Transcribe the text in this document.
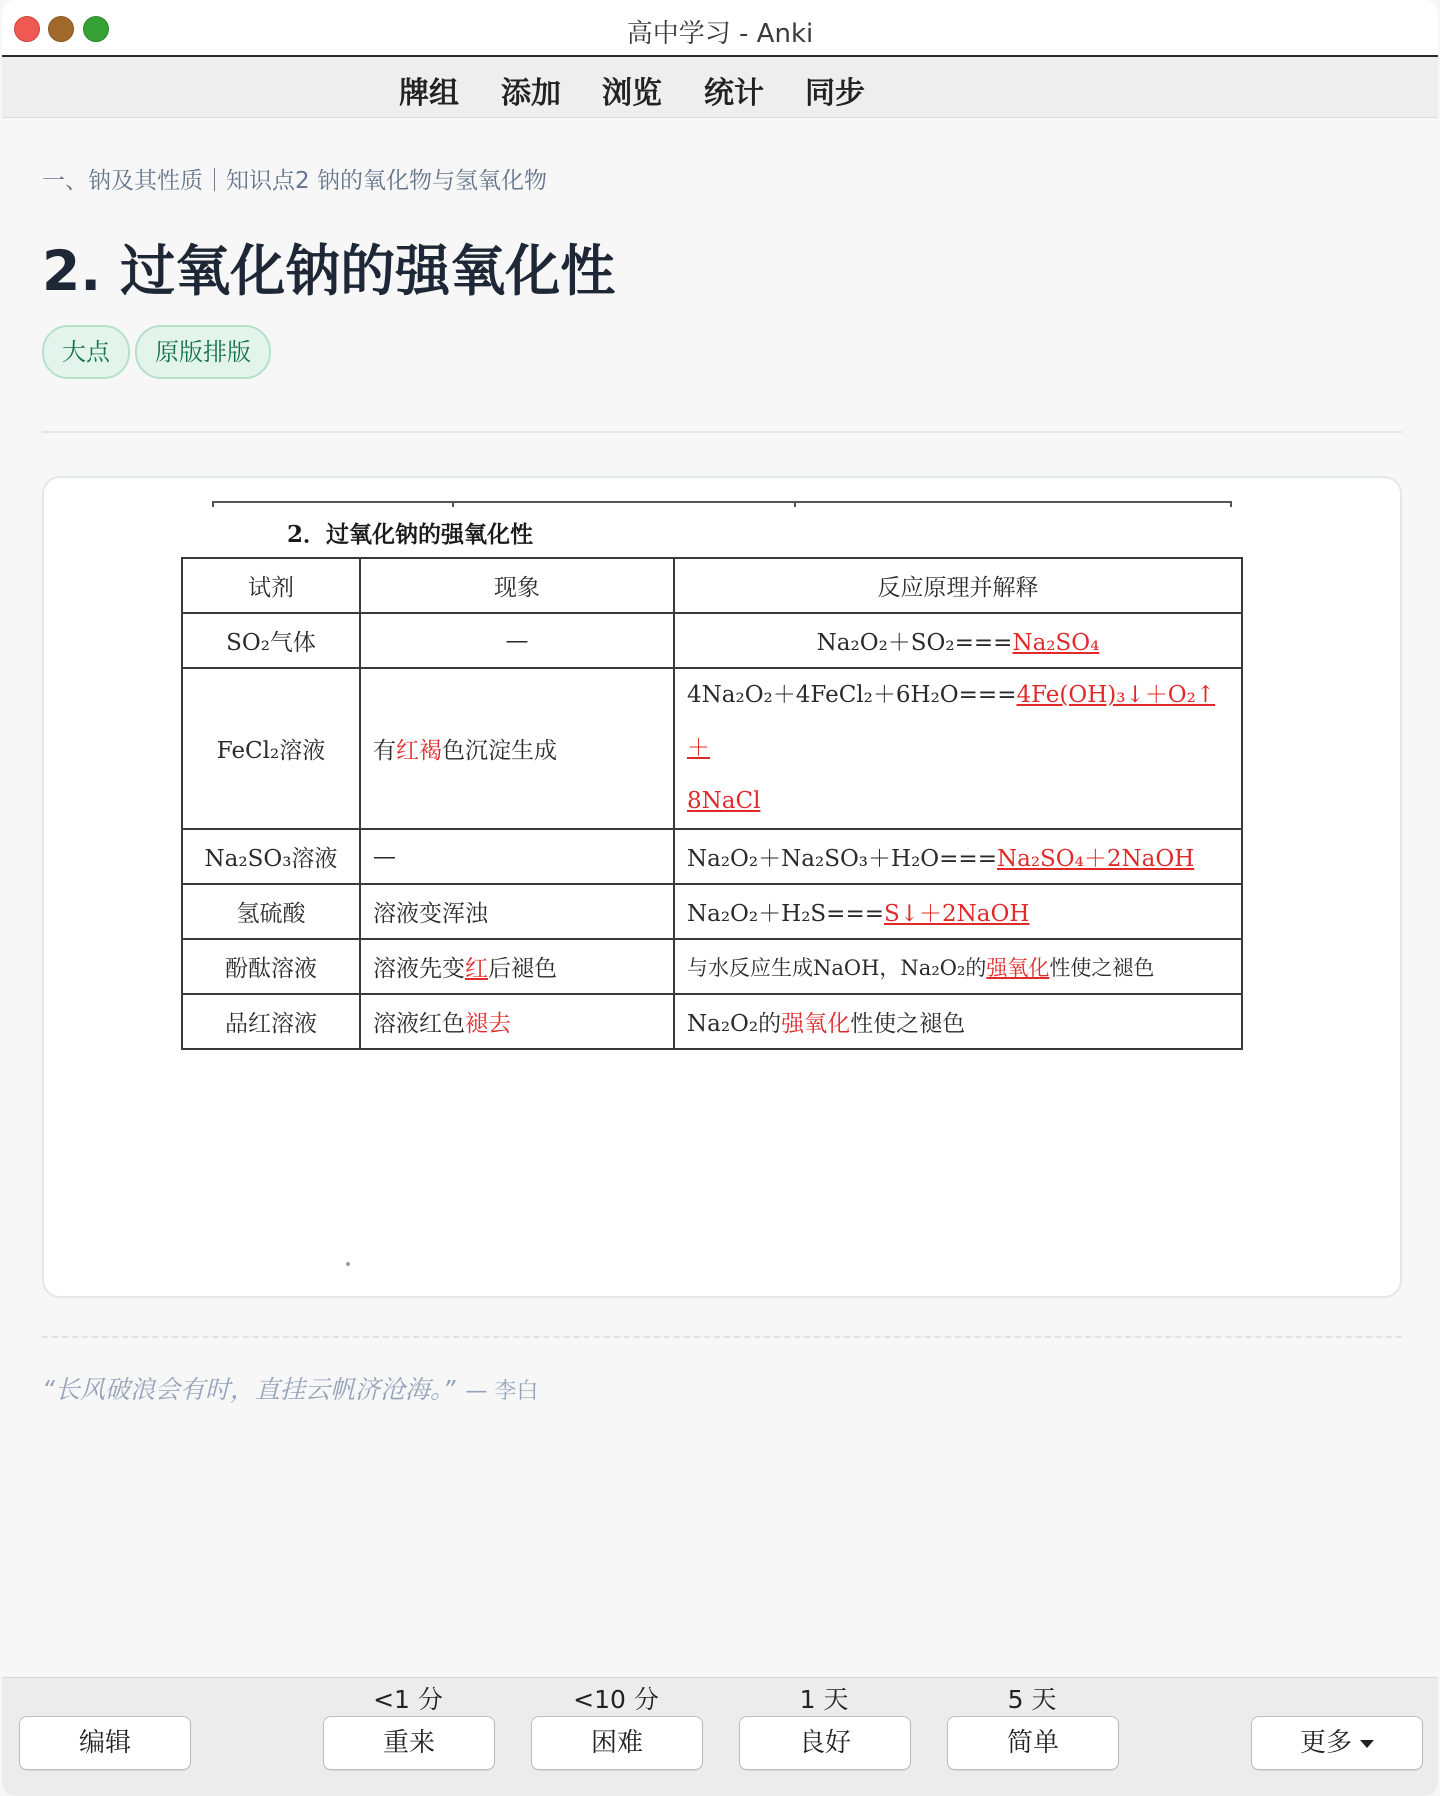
高中学习 - Anki
牌组 添加 浏览 统计 同步
一、钠及其性质｜知识点2 钠的氧化物与氢氧化物
2. 过氧化钠的强氧化性
大点	原版排版
2．过氧化钠的强氧化性
试剂	现象	反应原理并解释
SO₂气体	—	Na₂O₂＋SO₂===Na₂SO₄
FeCl₂溶液	有红褐色沉淀生成	4Na₂O₂＋4FeCl₂＋6H₂O===4Fe(OH)₃↓＋O₂↑＋
8NaCl
Na₂SO₃溶液	—	Na₂O₂＋Na₂SO₃＋H₂O===Na₂SO₄＋2NaOH
氢硫酸	溶液变浑浊	Na₂O₂＋H₂S===S↓＋2NaOH
酚酞溶液	溶液先变红后褪色	与水反应生成NaOH，Na₂O₂的强氧化性使之褪色
品红溶液	溶液红色褪去	Na₂O₂的强氧化性使之褪色
“长风破浪会有时，直挂云帆济沧海。” — 李白
<1 分	<10 分	1 天	5 天
编辑	重来	困难	良好	简单	更多
